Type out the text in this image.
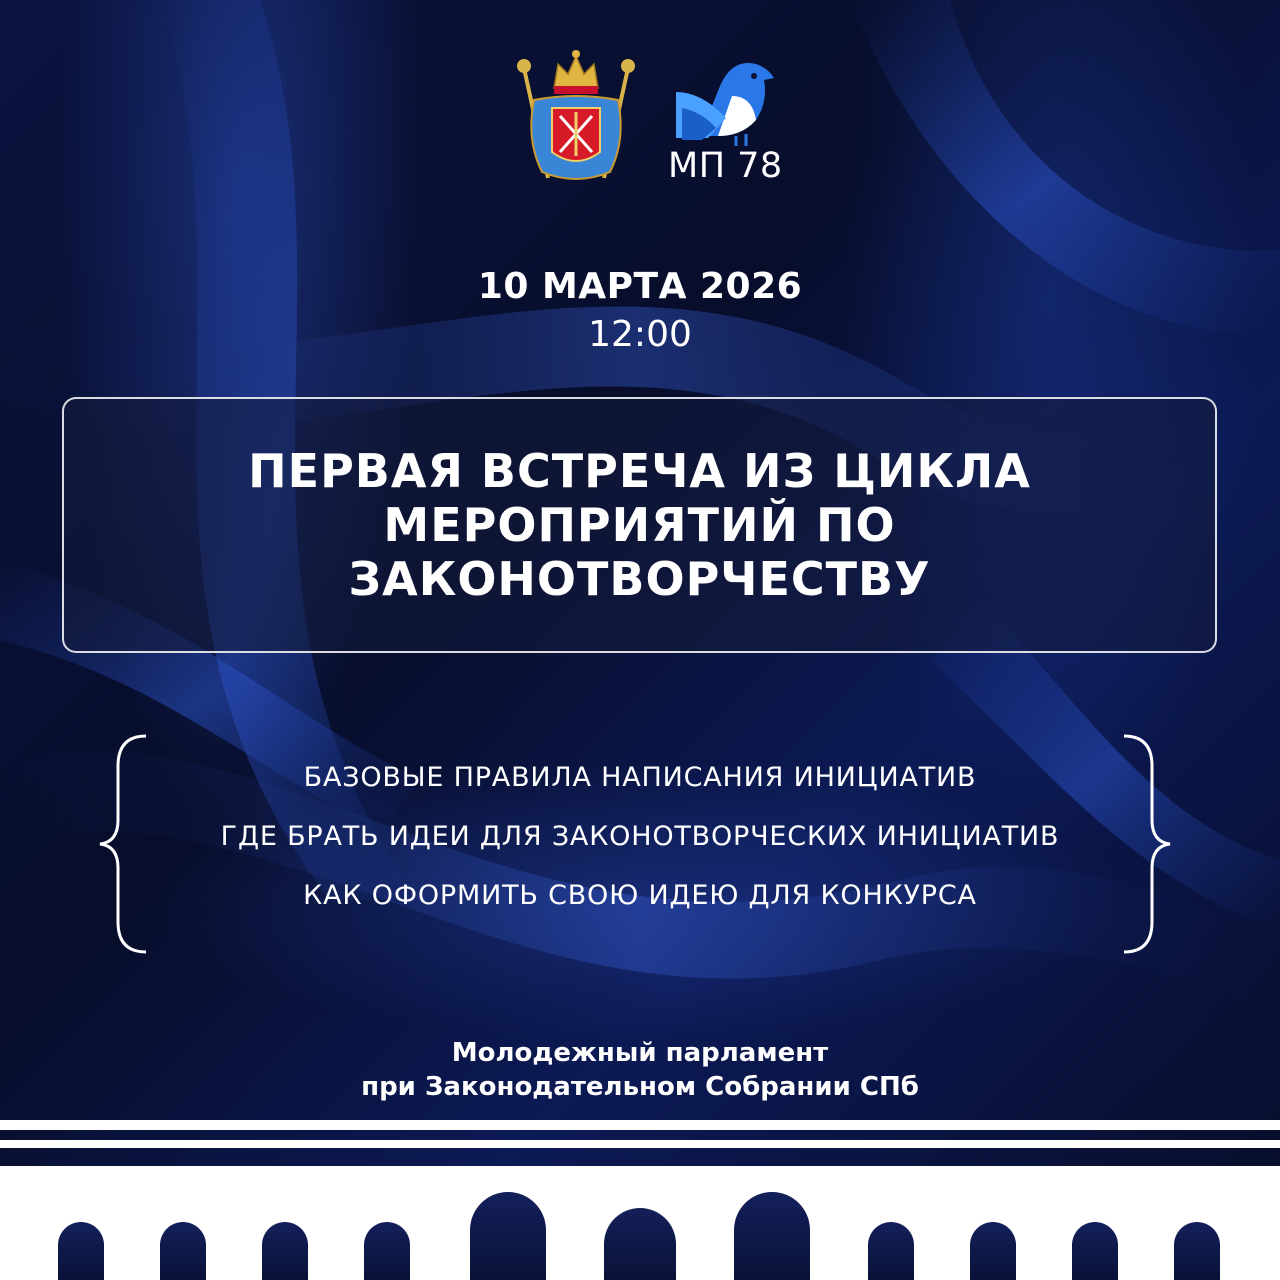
МП 78
10 МАРТА 2026
12:00
ПЕРВАЯ ВСТРЕЧА ИЗ ЦИКЛА МЕРОПРИЯТИЙ ПО ЗАКОНОТВОРЧЕСТВУ
БАЗОВЫЕ ПРАВИЛА НАПИСАНИЯ ИНИЦИАТИВ
ГДЕ БРАТЬ ИДЕИ ДЛЯ ЗАКОНОТВОРЧЕСКИХ ИНИЦИАТИВ
КАК ОФОРМИТЬ СВОЮ ИДЕЮ ДЛЯ КОНКУРСА
Молодежный парламент
при Законодательном Собрании СПб
